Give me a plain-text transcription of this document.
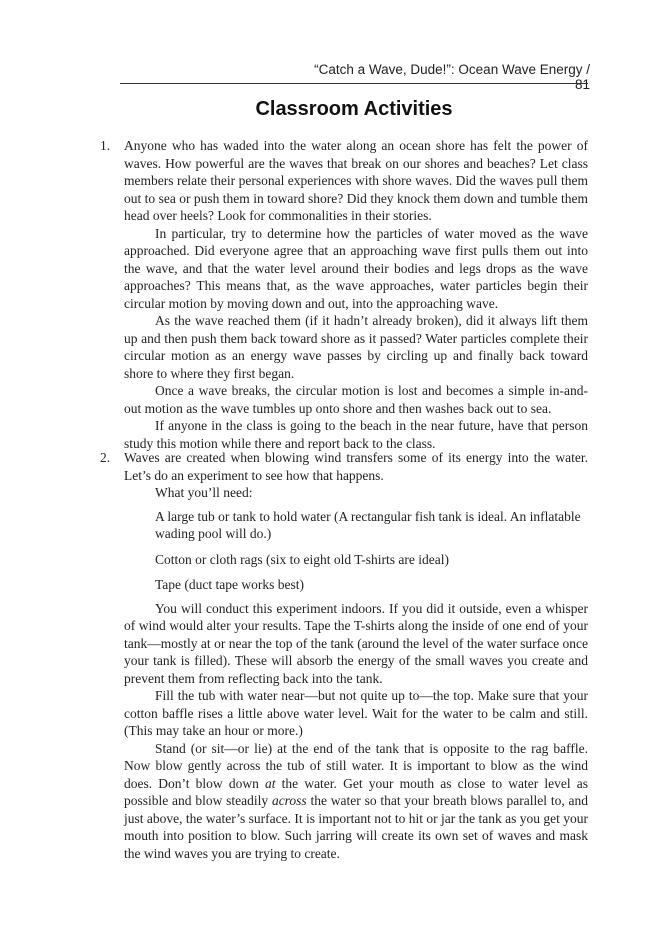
“Catch a Wave, Dude!”: Ocean Wave Energy / 81
Classroom Activities
1. Anyone who has waded into the water along an ocean shore has felt the power of waves. How powerful are the waves that break on our shores and beaches? Let class members relate their personal experiences with shore waves. Did the waves pull them out to sea or push them in toward shore? Did they knock them down and tumble them head over heels? Look for commonalities in their stories.

In particular, try to determine how the particles of water moved as the wave approached. Did everyone agree that an approaching wave first pulls them out into the wave, and that the water level around their bodies and legs drops as the wave approaches? This means that, as the wave approaches, water particles begin their circular motion by moving down and out, into the approaching wave.

As the wave reached them (if it hadn’t already broken), did it always lift them up and then push them back toward shore as it passed? Water particles complete their circular motion as an energy wave passes by circling up and finally back toward shore to where they first began.

Once a wave breaks, the circular motion is lost and becomes a simple in-and-out motion as the wave tumbles up onto shore and then washes back out to sea.

If anyone in the class is going to the beach in the near future, have that person study this motion while there and report back to the class.

2. Waves are created when blowing wind transfers some of its energy into the water. Let’s do an experiment to see how that happens.

What you’ll need:

A large tub or tank to hold water (A rectangular fish tank is ideal. An inflatable wading pool will do.)
Cotton or cloth rags (six to eight old T-shirts are ideal)
Tape (duct tape works best)

You will conduct this experiment indoors. If you did it outside, even a whisper of wind would alter your results. Tape the T-shirts along the inside of one end of your tank—mostly at or near the top of the tank (around the level of the water surface once your tank is filled). These will absorb the energy of the small waves you create and prevent them from reflecting back into the tank.

Fill the tub with water near—but not quite up to—the top. Make sure that your cotton baffle rises a little above water level. Wait for the water to be calm and still. (This may take an hour or more.)

Stand (or sit—or lie) at the end of the tank that is opposite to the rag baffle. Now blow gently across the tub of still water. It is important to blow as the wind does. Don’t blow down at the water. Get your mouth as close to water level as possible and blow steadily across the water so that your breath blows parallel to, and just above, the water’s surface. It is important not to hit or jar the tank as you get your mouth into position to blow. Such jarring will create its own set of waves and mask the wind waves you are trying to create.
